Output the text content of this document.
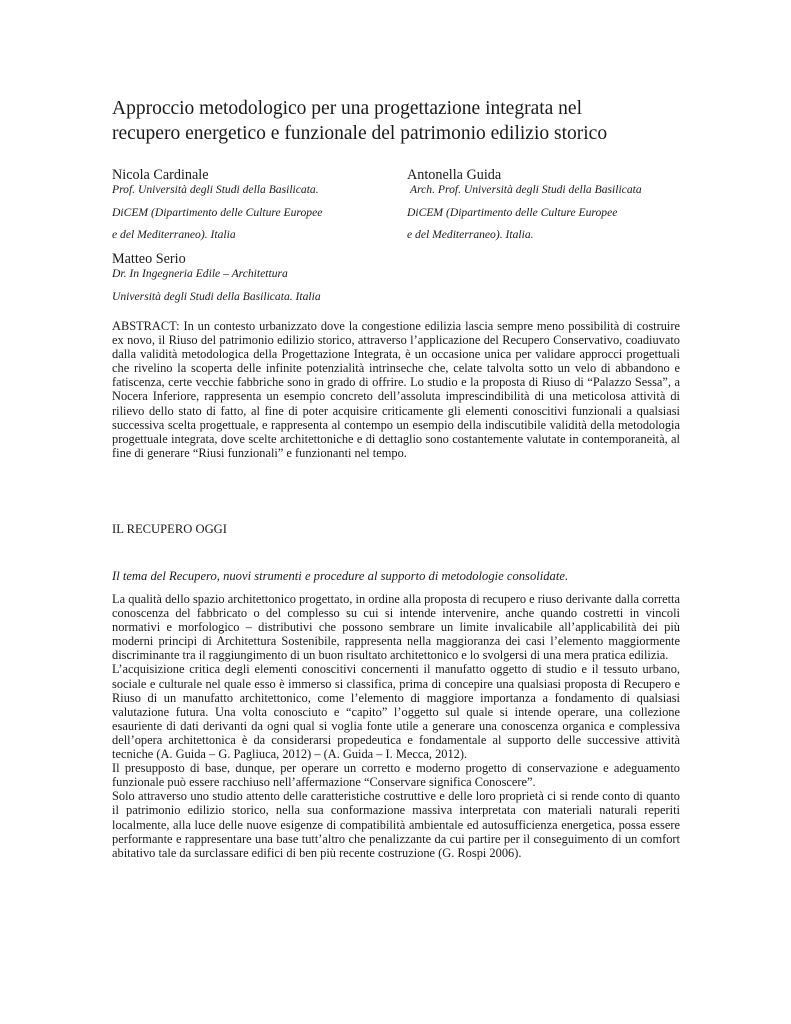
Approccio metodologico per una progettazione integrata nel
recupero energetico e funzionale del patrimonio edilizio storico

Nicola Cardinale

Prof. Università degli Studi della Basilicata.

DiCEM (Dipartimento delle Culture Europee

e del Mediterraneo). Italia

Antonella Guida

Arch. Prof. Università degli Studi della Basilicata

DiCEM (Dipartimento delle Culture Europee

e del Mediterraneo). Italia.

Matteo Serio

Dr. In Ingegneria Edile – Architettura

Università degli Studi della Basilicata. Italia

ABSTRACT: In un contesto urbanizzato dove la congestione edilizia lascia sempre meno possibilità di costruire ex novo, il Riuso del patrimonio edilizio storico, attraverso l’applicazione del Recupero Conservativo, coadiuvato dalla validità metodologica della Progettazione Integrata, è un occasione unica per validare approcci progettuali che rivelino la scoperta delle infinite potenzialità intrinseche che, celate talvolta sotto un velo di abbandono e fatiscenza, certe vecchie fabbriche sono in grado di offrire. Lo studio e la proposta di Riuso di “Palazzo Sessa”, a Nocera Inferiore, rappresenta un esempio concreto dell’assoluta imprescindibilità di una meticolosa attività di rilievo dello stato di fatto, al fine di poter acquisire criticamente gli elementi conoscitivi funzionali a qualsiasi successiva scelta progettuale, e rappresenta al contempo un esempio della indiscutibile validità della metodologia progettuale integrata, dove scelte architettoniche e di dettaglio sono costantemente valutate in contemporaneità, al fine di generare “Riusi funzionali” e funzionanti nel tempo.

IL RECUPERO OGGI

Il tema del Recupero, nuovi strumenti e procedure al supporto di metodologie consolidate.

La qualità dello spazio architettonico progettato, in ordine alla proposta di recupero e riuso derivante dalla corretta conoscenza del fabbricato o del complesso su cui si intende intervenire, anche quando costretti in vincoli normativi e morfologico – distributivi che possono sembrare un limite invalicabile all’applicabilità dei più moderni principi di Architettura Sostenibile, rappresenta nella maggioranza dei casi l’elemento maggiormente discriminante tra il raggiungimento di un buon risultato architettonico e lo svolgersi di una mera pratica edilizia.

L’acquisizione critica degli elementi conoscitivi concernenti il manufatto oggetto di studio e il tessuto urbano, sociale e culturale nel quale esso è immerso si classifica, prima di concepire una qualsiasi proposta di Recupero e Riuso di un manufatto architettonico, come l’elemento di maggiore importanza a fondamento di qualsiasi valutazione futura. Una volta conosciuto e “capito” l’oggetto sul quale si intende operare, una collezione esauriente di dati derivanti da ogni qual si voglia fonte utile a generare una conoscenza organica e complessiva dell’opera architettonica è da considerarsi propedeutica e fondamentale al supporto delle successive attività tecniche (A. Guida – G. Pagliuca, 2012) – (A. Guida – I. Mecca, 2012).

Il presupposto di base, dunque, per operare un corretto e moderno progetto di conservazione e adeguamento funzionale può essere racchiuso nell’affermazione “Conservare significa Conoscere”.

Solo attraverso uno studio attento delle caratteristiche costruttive e delle loro proprietà ci si rende conto di quanto il patrimonio edilizio storico, nella sua conformazione massiva interpretata con materiali naturali reperiti localmente, alla luce delle nuove esigenze di compatibilità ambientale ed autosufficienza energetica, possa essere performante e rappresentare una base tutt’altro che penalizzante da cui partire per il conseguimento di un comfort abitativo tale da surclassare edifici di ben più recente costruzione (G. Rospi 2006).
